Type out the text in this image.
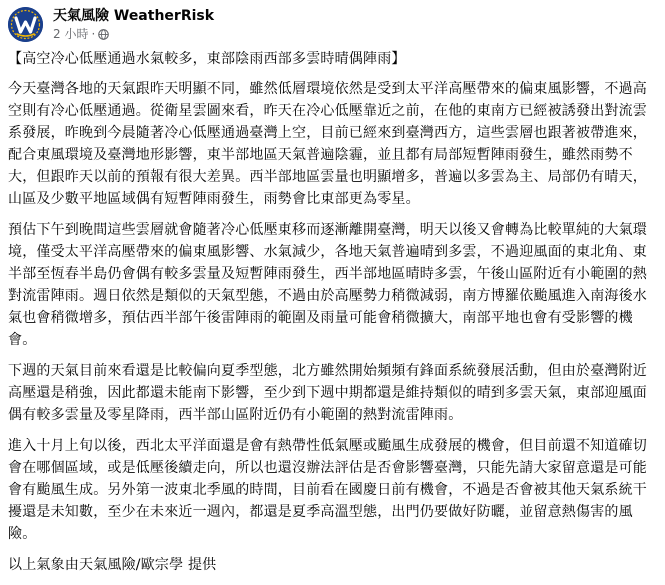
天氣風險 WeatherRisk
2 小時 ·

【高空冷心低壓通過水氣較多，東部陰雨西部多雲時晴偶陣雨】

今天臺灣各地的天氣跟昨天明顯不同，雖然低層環境依然是受到太平洋高壓帶來的偏東風影響，不過高空則有冷心低壓通過。從衛星雲圖來看，昨天在冷心低壓靠近之前，在他的東南方已經被誘發出對流雲系發展，昨晚到今晨隨著冷心低壓通過臺灣上空，目前已經來到臺灣西方，這些雲層也跟著被帶進來，配合東風環境及臺灣地形影響，東半部地區天氣普遍陰霾，並且都有局部短暫陣雨發生，雖然雨勢不大，但跟昨天以前的預報有很大差異。西半部地區雲量也明顯增多，普遍以多雲為主、局部仍有晴天，山區及少數平地區域偶有短暫陣雨發生，雨勢會比東部更為零星。

預估下午到晚間這些雲層就會隨著冷心低壓東移而逐漸離開臺灣，明天以後又會轉為比較單純的大氣環境，僅受太平洋高壓帶來的偏東風影響、水氣減少，各地天氣普遍晴到多雲，不過迎風面的東北角、東半部至恆春半島仍會偶有較多雲量及短暫陣雨發生，西半部地區晴時多雲，午後山區附近有小範圍的熱對流雷陣雨。週日依然是類似的天氣型態，不過由於高壓勢力稍微減弱，南方博羅依颱風進入南海後水氣也會稍微增多，預估西半部午後雷陣雨的範圍及雨量可能會稍微擴大，南部平地也會有受影響的機會。

下週的天氣目前來看還是比較偏向夏季型態，北方雖然開始頻頻有鋒面系統發展活動，但由於臺灣附近高壓還是稍強，因此都還未能南下影響，至少到下週中期都還是維持類似的晴到多雲天氣，東部迎風面偶有較多雲量及零星降雨，西半部山區附近仍有小範圍的熱對流雷陣雨。

進入十月上旬以後，西北太平洋面還是會有熱帶性低氣壓或颱風生成發展的機會，但目前還不知道確切會在哪個區域，或是低壓後續走向，所以也還沒辦法評估是否會影響臺灣，只能先請大家留意還是可能會有颱風生成。另外第一波東北季風的時間，目前看在國慶日前有機會，不過是否會被其他天氣系統干擾還是未知數，至少在未來近一週內，都還是夏季高溫型態，出門仍要做好防曬，並留意熱傷害的風險。

以上氣象由天氣風險/歐宗學 提供
